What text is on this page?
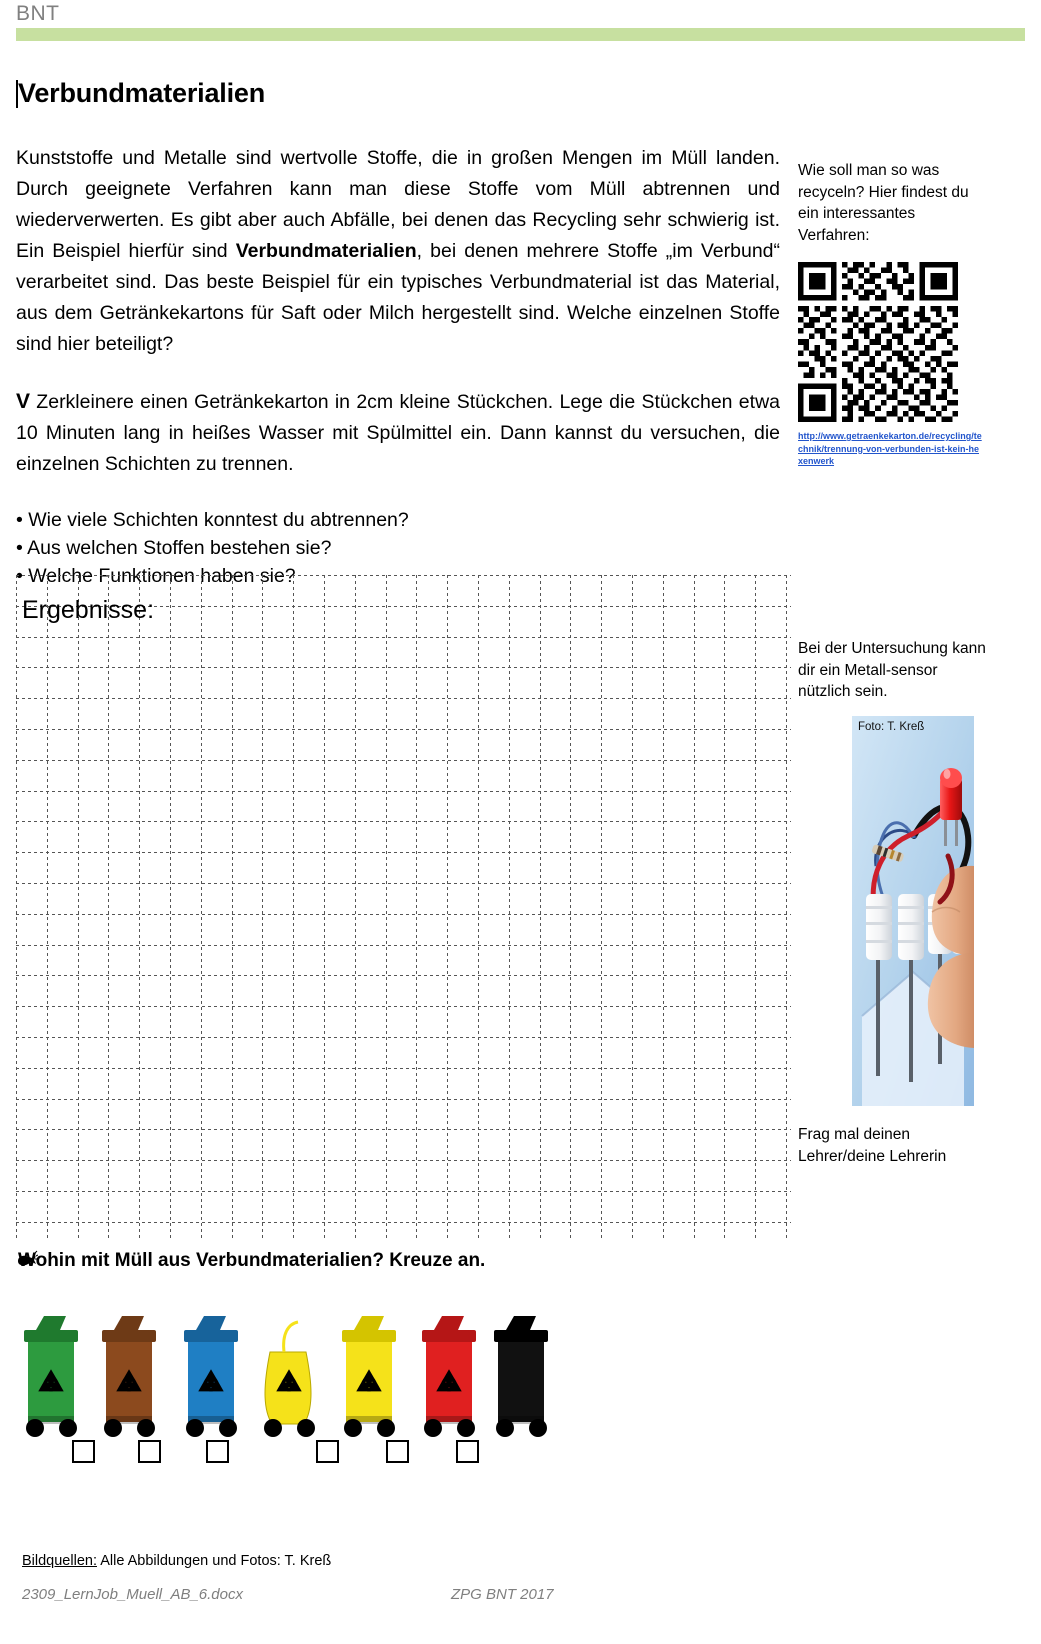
BNT
Verbundmaterialien

Kunststoffe und Metalle sind wertvolle Stoffe, die in großen Mengen im Müll landen. Durch geeignete Verfahren kann man diese Stoffe vom Müll abtrennen und wiederverwerten. Es gibt aber auch Abfälle, bei denen das Recycling sehr schwierig ist. Ein Beispiel hierfür sind Verbundmaterialien, bei denen mehrere Stoffe „im Verbund“ verarbeitet sind. Das beste Beispiel für ein typisches Verbundmaterial ist das Material, aus dem Getränkekartons für Saft oder Milch hergestellt sind. Welche einzelnen Stoffe sind hier beteiligt?

V Zerkleinere einen Getränkekarton in 2cm kleine Stückchen. Lege die Stückchen etwa 10 Minuten lang in heißes Wasser mit Spülmittel ein. Dann kannst du versuchen, die einzelnen Schichten zu trennen.

• Wie viele Schichten konntest du abtrennen?
• Aus welchen Stoffen bestehen sie?
• Welche Funktionen haben sie?
Wie soll man so was recyceln? Hier findest du ein interessantes Verfahren:
http://www.getraenkekarton.de/recycling/technik/trennung-von-verbunden-ist-kein-hexenwerk
Bei der Untersuchung kann dir ein Metall-sensor nützlich sein.
Foto: T. Kreß
Frag mal deinen Lehrer/deine Lehrerin
Ergebnisse:
Wohin mit Müll aus Verbundmaterialien? Kreuze an.
Bildquellen: Alle Abbildungen und Fotos: T. Kreß
2309_LernJob_Muell_AB_6.docx	ZPG BNT 2017
